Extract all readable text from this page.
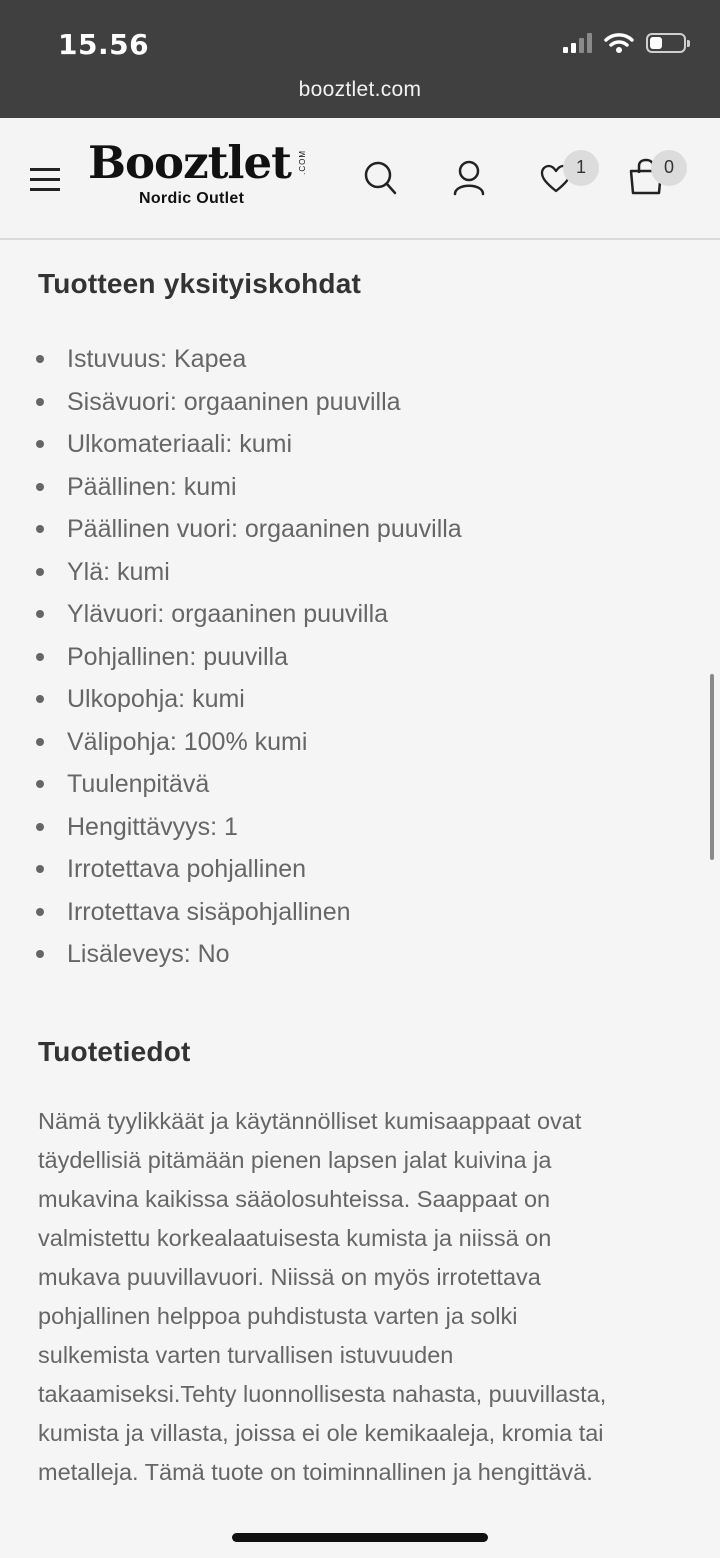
15.56
booztlet.com
Booztlet .COM
Nordic Outlet
1	0
Tuotteen yksityiskohdat
Istuvuus: Kapea
Sisävuori: orgaaninen puuvilla
Ulkomateriaali: kumi
Päällinen: kumi
Päällinen vuori: orgaaninen puuvilla
Ylä: kumi
Ylävuori: orgaaninen puuvilla
Pohjallinen: puuvilla
Ulkopohja: kumi
Välipohja: 100% kumi
Tuulenpitävä
Hengittävyys: 1
Irrotettava pohjallinen
Irrotettava sisäpohjallinen
Lisäleveys: No
Tuotetiedot

Nämä tyylikkäät ja käytännölliset kumisaappaat ovat
täydellisiä pitämään pienen lapsen jalat kuivina ja
mukavina kaikissa sääolosuhteissa. Saappaat on
valmistettu korkealaatuisesta kumista ja niissä on
mukava puuvillavuori. Niissä on myös irrotettava
pohjallinen helppoa puhdistusta varten ja solki
sulkemista varten turvallisen istuvuuden
takaamiseksi.Tehty luonnollisesta nahasta, puuvillasta,
kumista ja villasta, joissa ei ole kemikaaleja, kromia tai
metalleja. Tämä tuote on toiminnallinen ja hengittävä.
